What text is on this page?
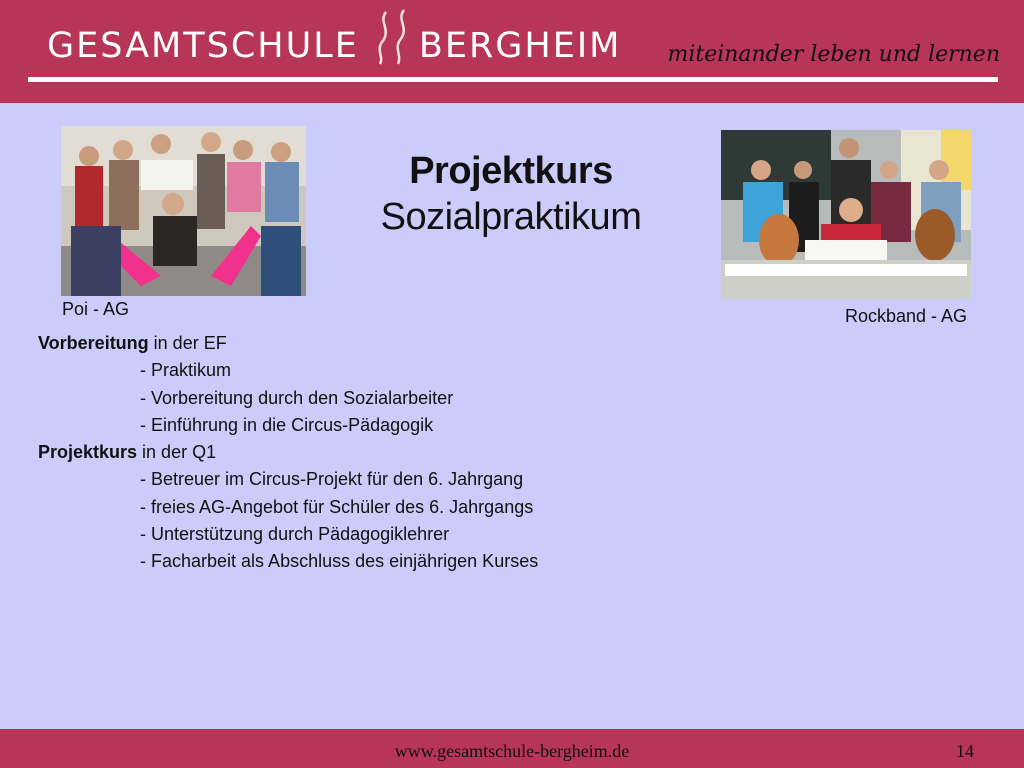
GESAMTSCHULE BERGHEIM miteinander leben und lernen
Poi - AG
Projektkurs
Sozialpraktikum
Rockband - AG
Vorbereitung in der EF
- Praktikum
- Vorbereitung durch den Sozialarbeiter
- Einführung in die Circus-Pädagogik
Projektkurs in der Q1
- Betreuer im Circus-Projekt für den 6. Jahrgang
- freies AG-Angebot für Schüler des 6. Jahrgangs
- Unterstützung durch Pädagogiklehrer
- Facharbeit als Abschluss des einjährigen Kurses
www.gesamtschule-bergheim.de	14
